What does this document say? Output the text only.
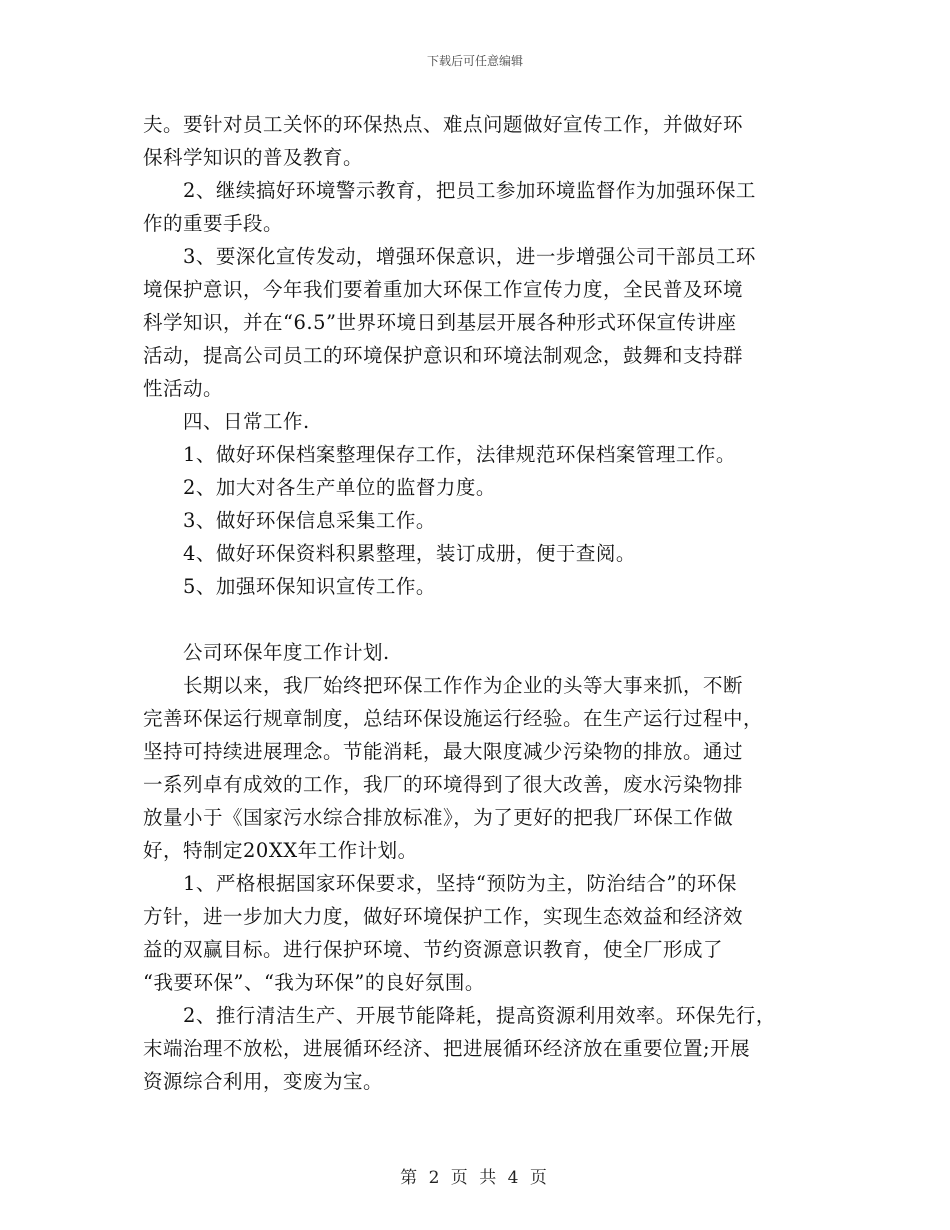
下载后可任意编辑
夫。要针对员工关怀的环保热点、难点问题做好宣传工作，并做好环
保科学知识的普及教育。
2、继续搞好环境警示教育，把员工参加环境监督作为加强环保工
作的重要手段。
3、要深化宣传发动，增强环保意识，进一步增强公司干部员工环
境保护意识，今年我们要着重加大环保工作宣传力度，全民普及环境
科学知识，并在“6.5”世界环境日到基层开展各种形式环保宣传讲座
活动，提高公司员工的环境保护意识和环境法制观念，鼓舞和支持群
性活动。
四、日常工作.
1、做好环保档案整理保存工作，法律规范环保档案管理工作。
2、加大对各生产单位的监督力度。
3、做好环保信息采集工作。
4、做好环保资料积累整理，装订成册，便于查阅。
5、加强环保知识宣传工作。
公司环保年度工作计划.
长期以来，我厂始终把环保工作作为企业的头等大事来抓，不断
完善环保运行规章制度，总结环保设施运行经验。在生产运行过程中，
坚持可持续进展理念。节能消耗，最大限度减少污染物的排放。通过
一系列卓有成效的工作，我厂的环境得到了很大改善，废水污染物排
放量小于《国家污水综合排放标准》，为了更好的把我厂环保工作做
好，特制定20XX年工作计划。
1、严格根据国家环保要求，坚持“预防为主，防治结合”的环保
方针，进一步加大力度，做好环境保护工作，实现生态效益和经济效
益的双赢目标。进行保护环境、节约资源意识教育，使全厂形成了
“我要环保”、“我为环保”的良好氛围。
2、推行清洁生产、开展节能降耗，提高资源利用效率。环保先行，
末端治理不放松，进展循环经济、把进展循环经济放在重要位置;开展
资源综合利用，变废为宝。
第 2 页 共 4 页
